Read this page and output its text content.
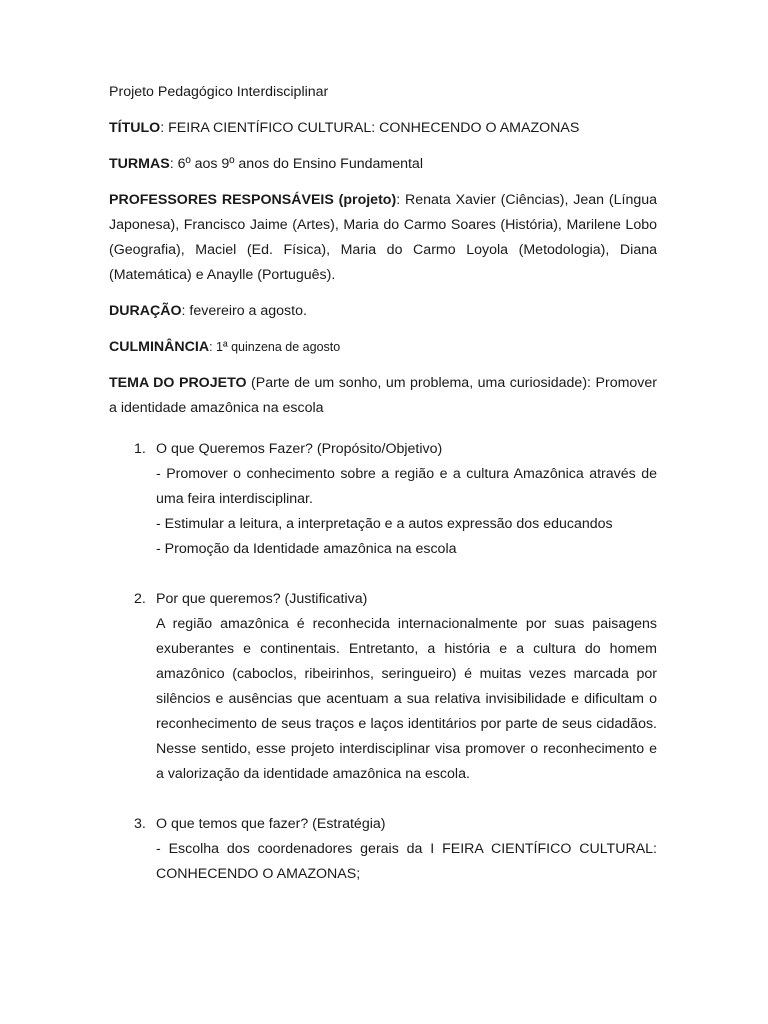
Projeto Pedagógico Interdisciplinar

TÍTULO: FEIRA CIENTÍFICO CULTURAL: CONHECENDO O AMAZONAS

TURMAS: 6º aos 9º anos do Ensino Fundamental

PROFESSORES RESPONSÁVEIS (projeto): Renata Xavier (Ciências), Jean (Língua Japonesa), Francisco Jaime (Artes), Maria do Carmo Soares (História), Marilene Lobo (Geografia), Maciel (Ed. Física), Maria do Carmo Loyola (Metodologia), Diana (Matemática) e Anaylle (Português).

DURAÇÃO: fevereiro a agosto.

CULMINÂNCIA: 1ª quinzena de agosto

TEMA DO PROJETO (Parte de um sonho, um problema, uma curiosidade): Promover a identidade amazônica na escola

1. O que Queremos Fazer? (Propósito/Objetivo)

- Promover o conhecimento sobre a região e a cultura Amazônica através de uma feira interdisciplinar.

- Estimular a leitura, a interpretação e a autos expressão dos educandos

- Promoção da Identidade amazônica na escola

2. Por que queremos? (Justificativa)

A região amazônica é reconhecida internacionalmente por suas paisagens exuberantes e continentais. Entretanto, a história e a cultura do homem amazônico (caboclos, ribeirinhos, seringueiro) é muitas vezes marcada por silêncios e ausências que acentuam a sua relativa invisibilidade e dificultam o reconhecimento de seus traços e laços identitários por parte de seus cidadãos. Nesse sentido, esse projeto interdisciplinar visa promover o reconhecimento e a valorização da identidade amazônica na escola.

3. O que temos que fazer? (Estratégia)

- Escolha dos coordenadores gerais da I FEIRA CIENTÍFICO CULTURAL: CONHECENDO O AMAZONAS;
